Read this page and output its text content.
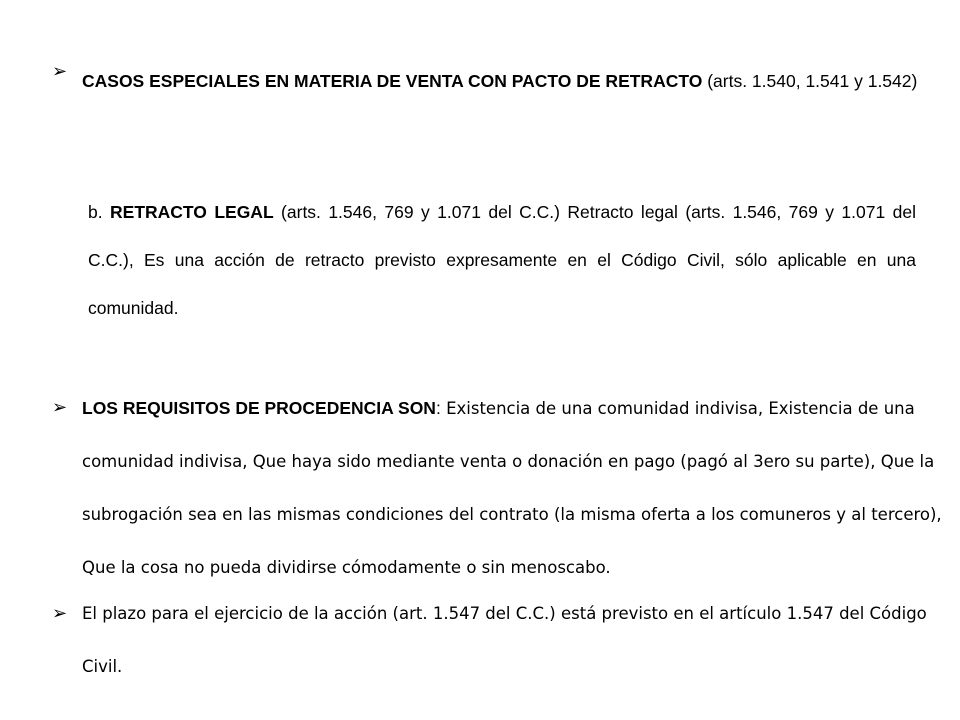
➢ CASOS ESPECIALES EN MATERIA DE VENTA CON PACTO DE RETRACTO (arts. 1.540, 1.541 y 1.542)
b. RETRACTO LEGAL (arts. 1.546, 769 y 1.071 del C.C.) Retracto legal (arts. 1.546, 769 y 1.071 del C.C.), Es una acción de retracto previsto expresamente en el Código Civil, sólo aplicable en una comunidad.
➢ LOS REQUISITOS DE PROCEDENCIA SON: Existencia de una comunidad indivisa, Existencia de una comunidad indivisa, Que haya sido mediante venta o donación en pago (pagó al 3ero su parte), Que la subrogación sea en las mismas condiciones del contrato (la misma oferta a los comuneros y al tercero), Que la cosa no pueda dividirse cómodamente o sin menoscabo.
➢ El plazo para el ejercicio de la acción (art. 1.547 del C.C.) está previsto en el artículo 1.547 del Código Civil.
